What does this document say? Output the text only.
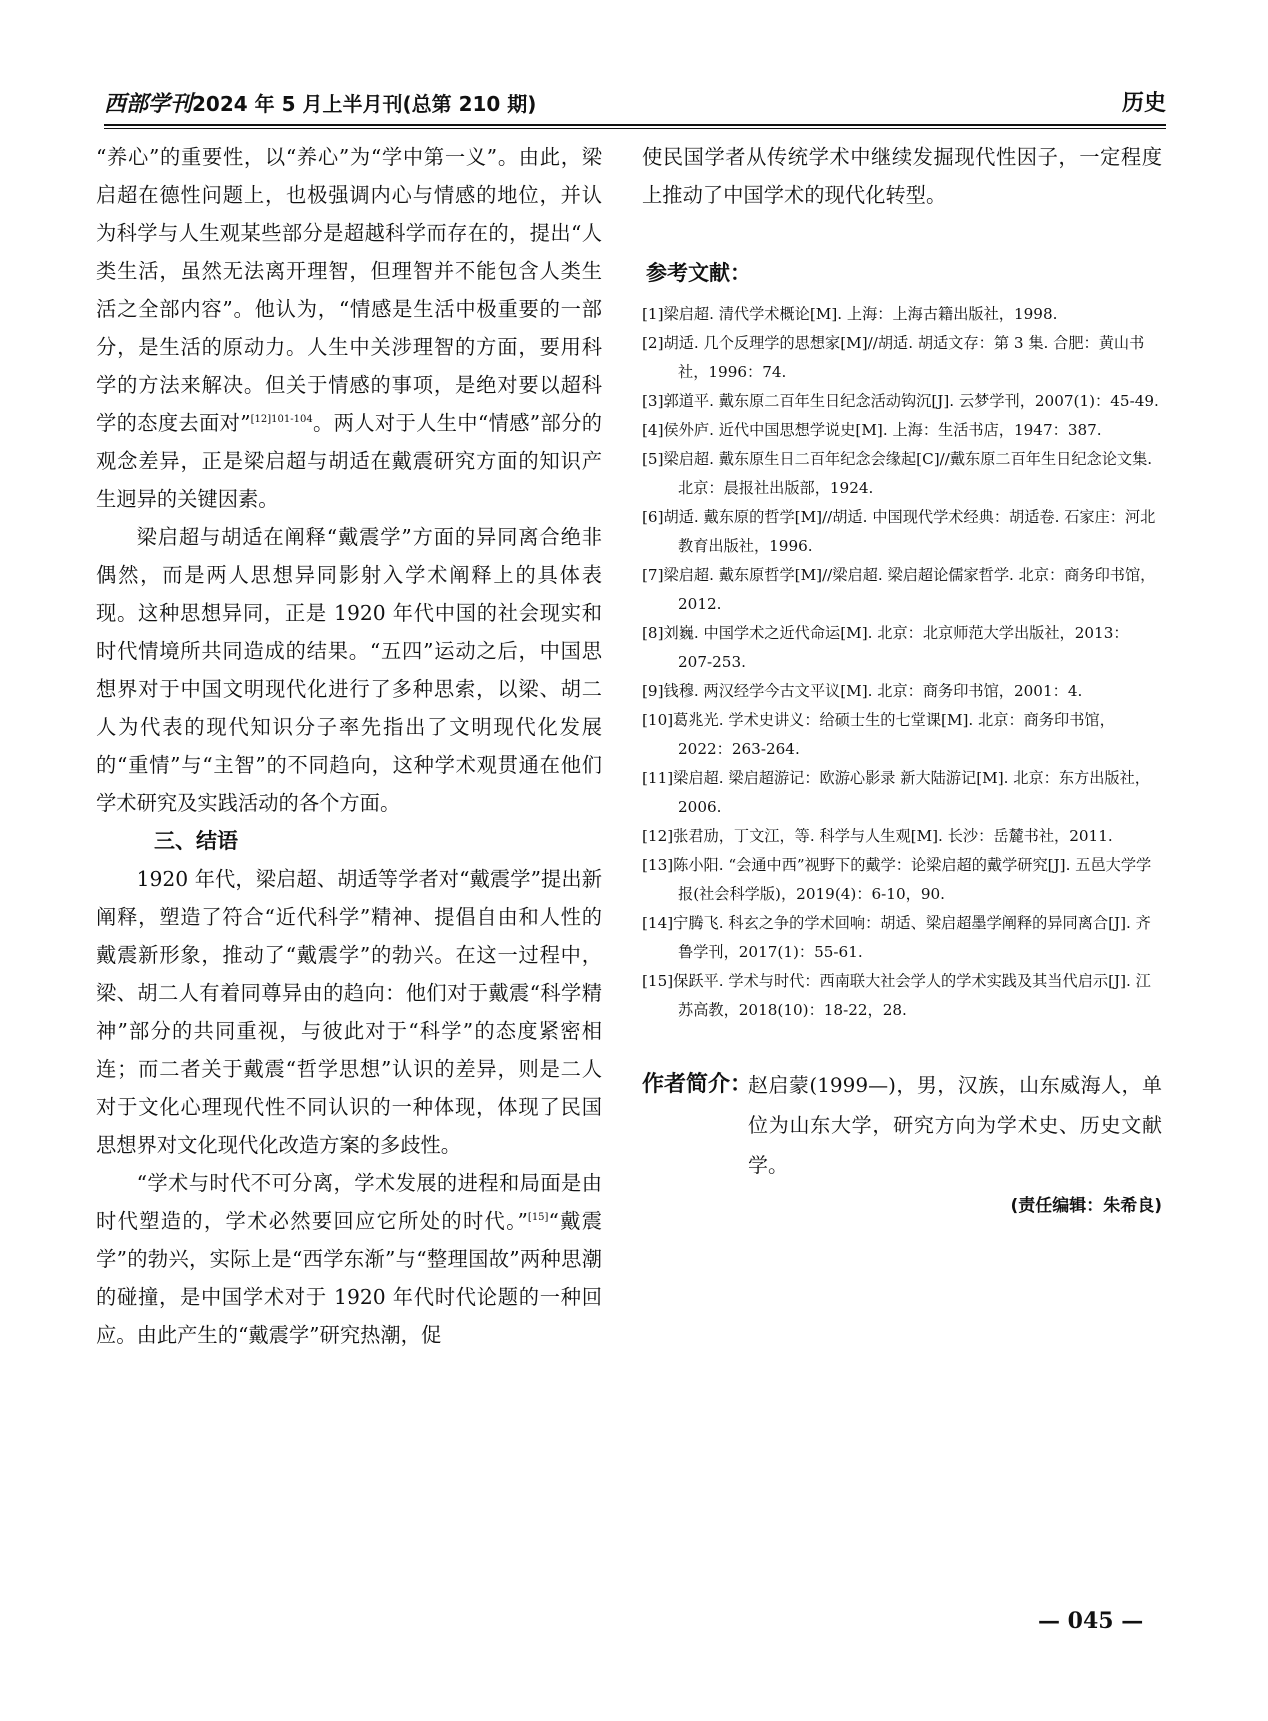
西部学刊2024 年 5 月上半月刊(总第 210 期)	历史

“养心”的重要性，以“养心”为“学中第一义”。由此，梁启超在德性问题上，也极强调内心与情感的地位，并认为科学与人生观某些部分是超越科学而存在的，提出“人类生活，虽然无法离开理智，但理智并不能包含人类生活之全部内容”。他认为，“情感是生活中极重要的一部分，是生活的原动力。人生中关涉理智的方面，要用科学的方法来解决。但关于情感的事项，是绝对要以超科学的态度去面对”$^{[12]101-104}$。两人对于人生中“情感”部分的观念差异，正是梁启超与胡适在戴震研究方面的知识产生迥异的关键因素。

梁启超与胡适在阐释“戴震学”方面的异同离合绝非偶然，而是两人思想异同影射入学术阐释上的具体表现。这种思想异同，正是 1920 年代中国的社会现实和时代情境所共同造成的结果。“五四”运动之后，中国思想界对于中国文明现代化进行了多种思索，以梁、胡二人为代表的现代知识分子率先指出了文明现代化发展的“重情”与“主智”的不同趋向，这种学术观贯通在他们学术研究及实践活动的各个方面。

三、结语

1920 年代，梁启超、胡适等学者对“戴震学”提出新阐释，塑造了符合“近代科学”精神、提倡自由和人性的戴震新形象，推动了“戴震学”的勃兴。在这一过程中，梁、胡二人有着同尊异由的趋向：他们对于戴震“科学精神”部分的共同重视，与彼此对于“科学”的态度紧密相连；而二者关于戴震“哲学思想”认识的差异，则是二人对于文化心理现代性不同认识的一种体现，体现了民国思想界对文化现代化改造方案的多歧性。

“学术与时代不可分离，学术发展的进程和局面是由时代塑造的，学术必然要回应它所处的时代。”[15]“戴震学”的勃兴，实际上是“西学东渐”与“整理国故”两种思潮的碰撞，是中国学术对于 1920 年代时代论题的一种回应。由此产生的“戴震学”研究热潮，促

使民国学者从传统学术中继续发掘现代性因子，一定程度上推动了中国学术的现代化转型。

参考文献：
[1]梁启超. 清代学术概论[M]. 上海：上海古籍出版社，1998.
[2]胡适. 几个反理学的思想家[M]//胡适. 胡适文存：第 3 集. 合肥：黄山书社，1996：74.
[3]郭道平. 戴东原二百年生日纪念活动钩沉[J]. 云梦学刊，2007(1)：45-49.
[4]侯外庐. 近代中国思想学说史[M]. 上海：生活书店，1947：387.
[5]梁启超. 戴东原生日二百年纪念会缘起[C]//戴东原二百年生日纪念论文集. 北京：晨报社出版部，1924.
[6]胡适. 戴东原的哲学[M]//胡适. 中国现代学术经典：胡适卷. 石家庄：河北教育出版社，1996.
[7]梁启超. 戴东原哲学[M]//梁启超. 梁启超论儒家哲学. 北京：商务印书馆，2012.
[8]刘巍. 中国学术之近代命运[M]. 北京：北京师范大学出版社，2013：207-253.
[9]钱穆. 两汉经学今古文平议[M]. 北京：商务印书馆，2001：4.
[10]葛兆光. 学术史讲义：给硕士生的七堂课[M]. 北京：商务印书馆，2022：263-264.
[11]梁启超. 梁启超游记：欧游心影录 新大陆游记[M]. 北京：东方出版社，2006.
[12]张君劢，丁文江，等. 科学与人生观[M]. 长沙：岳麓书社，2011.
[13]陈小阳. “会通中西”视野下的戴学：论梁启超的戴学研究[J]. 五邑大学学报(社会科学版)，2019(4)：6-10，90.
[14]宁腾飞. 科玄之争的学术回响：胡适、梁启超墨学阐释的异同离合[J]. 齐鲁学刊，2017(1)：55-61.
[15]保跃平. 学术与时代：西南联大社会学人的学术实践及其当代启示[J]. 江苏高教，2018(10)：18-22，28.
作者简介：
赵启蒙(1999—)，男，汉族，山东威海人，单位为山东大学，研究方向为学术史、历史文献学。
(责任编辑：朱希良)
— 045 —
